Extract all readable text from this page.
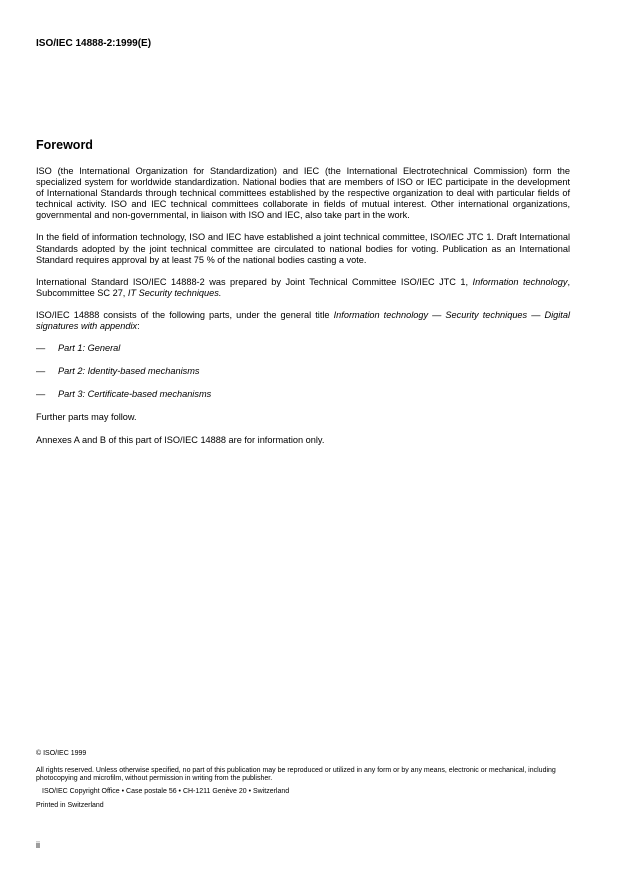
ISO/IEC 14888-2:1999(E)
Foreword

ISO (the International Organization for Standardization) and IEC (the International Electrotechnical Commission) form the specialized system for worldwide standardization. National bodies that are members of ISO or IEC participate in the development of International Standards through technical committees established by the respective organization to deal with particular fields of technical activity. ISO and IEC technical committees collaborate in fields of mutual interest. Other international organizations, governmental and non-governmental, in liaison with ISO and IEC, also take part in the work.

In the field of information technology, ISO and IEC have established a joint technical committee, ISO/IEC JTC 1. Draft International Standards adopted by the joint technical committee are circulated to national bodies for voting. Publication as an International Standard requires approval by at least 75 % of the national bodies casting a vote.

International Standard ISO/IEC 14888-2 was prepared by Joint Technical Committee ISO/IEC JTC 1, Information technology, Subcommittee SC 27, IT Security techniques.

ISO/IEC 14888 consists of the following parts, under the general title Information technology — Security techniques — Digital signatures with appendix:

— Part 1: General
— Part 2: Identity-based mechanisms
— Part 3: Certificate-based mechanisms

Further parts may follow.

Annexes A and B of this part of ISO/IEC 14888 are for information only.

© ISO/IEC 1999
All rights reserved. Unless otherwise specified, no part of this publication may be reproduced or utilized in any form or by any means, electronic or mechanical, including photocopying and microfilm, without permission in writing from the publisher.
ISO/IEC Copyright Office • Case postale 56 • CH-1211 Genève 20 • Switzerland
Printed in Switzerland
ii
